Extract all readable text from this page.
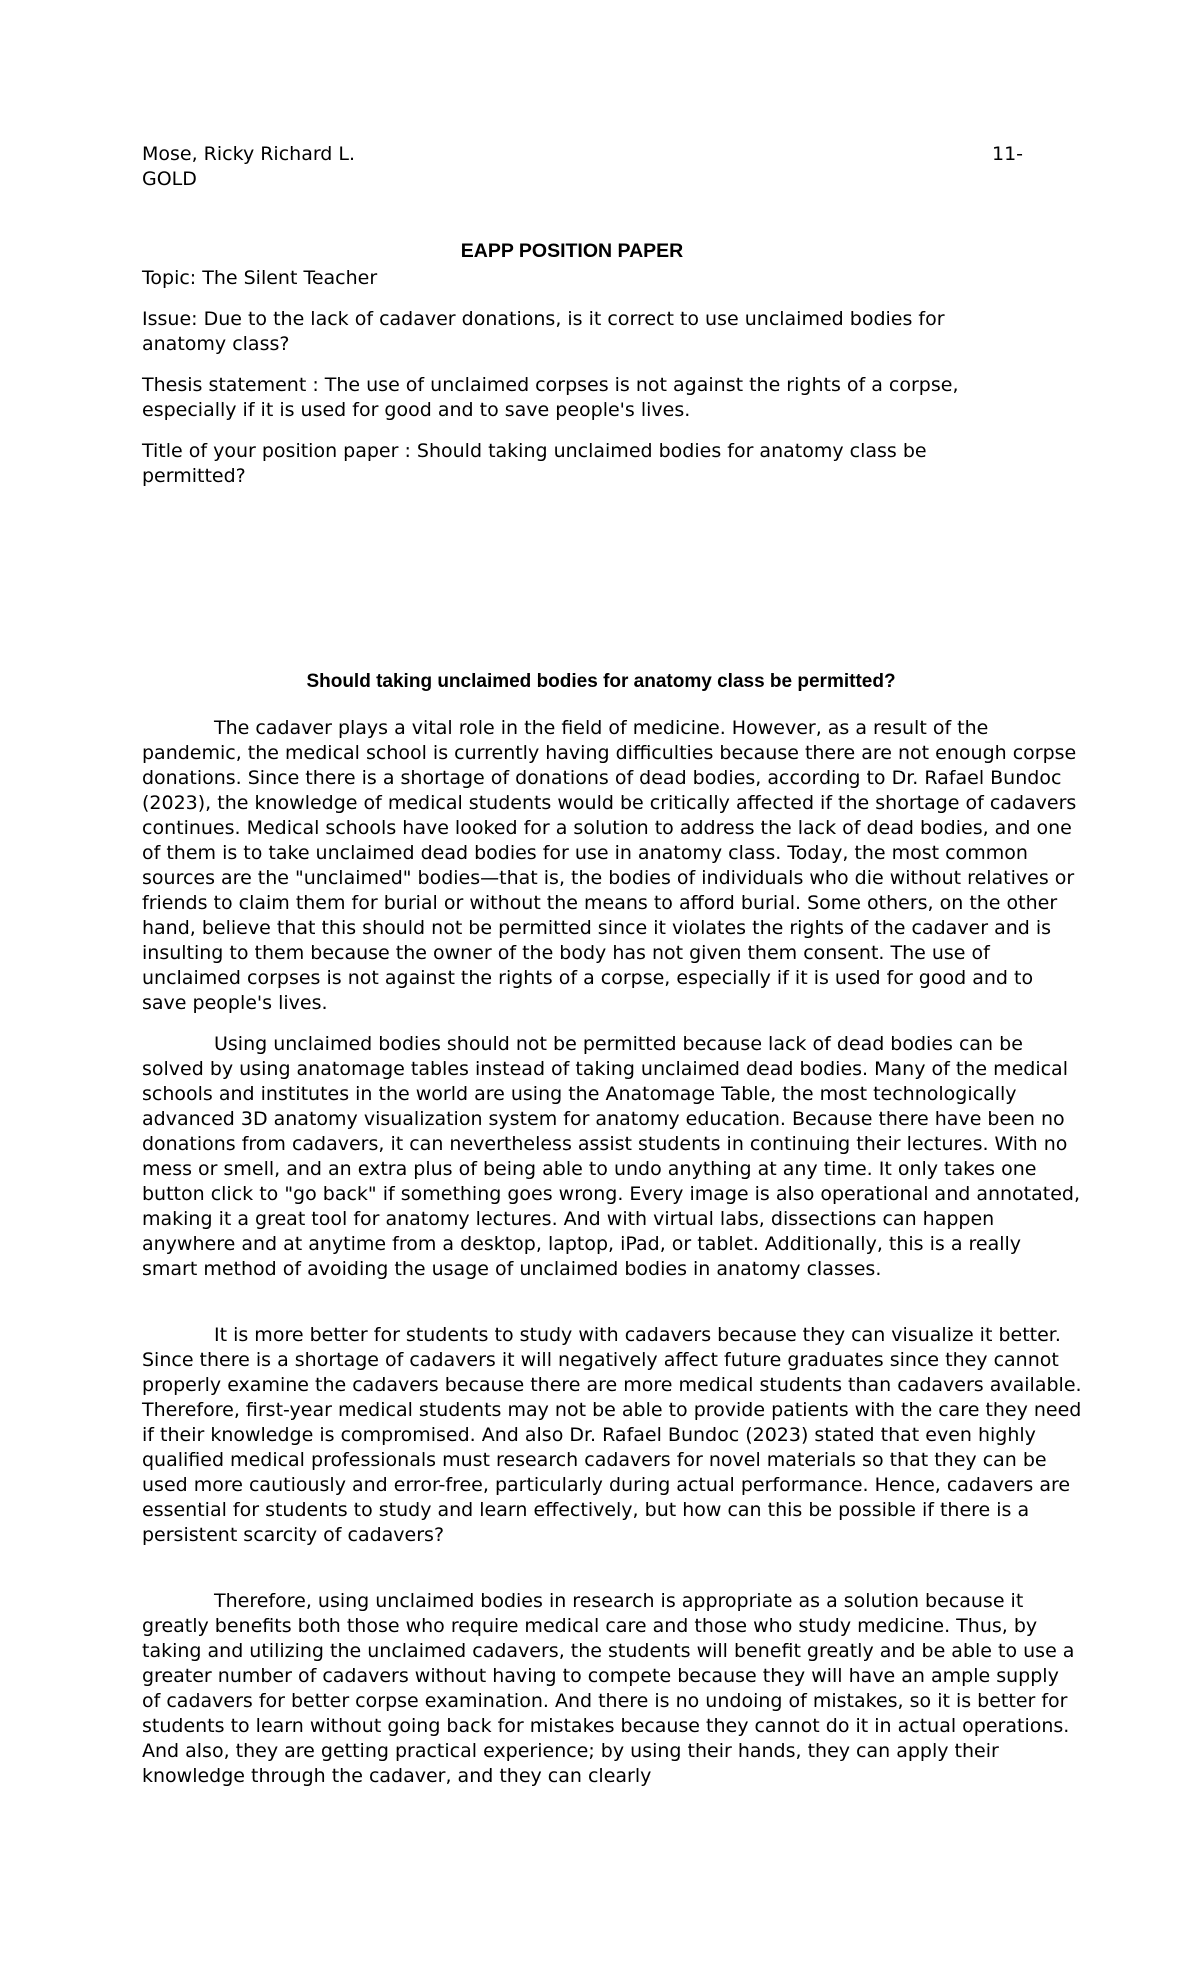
Mose, Ricky Richard L.	11-
GOLD
EAPP POSITION PAPER

Topic: The Silent Teacher

Issue: Due to the lack of cadaver donations, is it correct to use unclaimed bodies for anatomy class?

Thesis statement : The use of unclaimed corpses is not against the rights of a corpse, especially if it is used for good and to save people's lives.

Title of your position paper : Should taking unclaimed bodies for anatomy class be permitted?

Should taking unclaimed bodies for anatomy class be permitted?

The cadaver plays a vital role in the field of medicine. However, as a result of the pandemic, the medical school is currently having difficulties because there are not enough corpse donations. Since there is a shortage of donations of dead bodies, according to Dr. Rafael Bundoc (2023), the knowledge of medical students would be critically affected if the shortage of cadavers continues. Medical schools have looked for a solution to address the lack of dead bodies, and one of them is to take unclaimed dead bodies for use in anatomy class. Today, the most common sources are the "unclaimed" bodies—that is, the bodies of individuals who die without relatives or friends to claim them for burial or without the means to afford burial. Some others, on the other hand, believe that this should not be permitted since it violates the rights of the cadaver and is insulting to them because the owner of the body has not given them consent. The use of unclaimed corpses is not against the rights of a corpse, especially if it is used for good and to save people's lives.

Using unclaimed bodies should not be permitted because lack of dead bodies can be solved by using anatomage tables instead of taking unclaimed dead bodies. Many of the medical schools and institutes in the world are using the Anatomage Table, the most technologically advanced 3D anatomy visualization system for anatomy education. Because there have been no donations from cadavers, it can nevertheless assist students in continuing their lectures. With no mess or smell, and an extra plus of being able to undo anything at any time. It only takes one button click to "go back" if something goes wrong. Every image is also operational and annotated, making it a great tool for anatomy lectures. And with virtual labs, dissections can happen anywhere and at anytime from a desktop, laptop, iPad, or tablet. Additionally, this is a really smart method of avoiding the usage of unclaimed bodies in anatomy classes.

It is more better for students to study with cadavers because they can visualize it better. Since there is a shortage of cadavers it will negatively affect future graduates since they cannot properly examine the cadavers because there are more medical students than cadavers available. Therefore, first-year medical students may not be able to provide patients with the care they need if their knowledge is compromised. And also Dr. Rafael Bundoc (2023) stated that even highly qualified medical professionals must research cadavers for novel materials so that they can be used more cautiously and error-free, particularly during actual performance. Hence, cadavers are essential for students to study and learn effectively, but how can this be possible if there is a persistent scarcity of cadavers?

Therefore, using unclaimed bodies in research is appropriate as a solution because it greatly benefits both those who require medical care and those who study medicine. Thus, by taking and utilizing the unclaimed cadavers, the students will benefit greatly and be able to use a greater number of cadavers without having to compete because they will have an ample supply of cadavers for better corpse examination. And there is no undoing of mistakes, so it is better for students to learn without going back for mistakes because they cannot do it in actual operations. And also, they are getting practical experience; by using their hands, they can apply their knowledge through the cadaver, and they can clearly
